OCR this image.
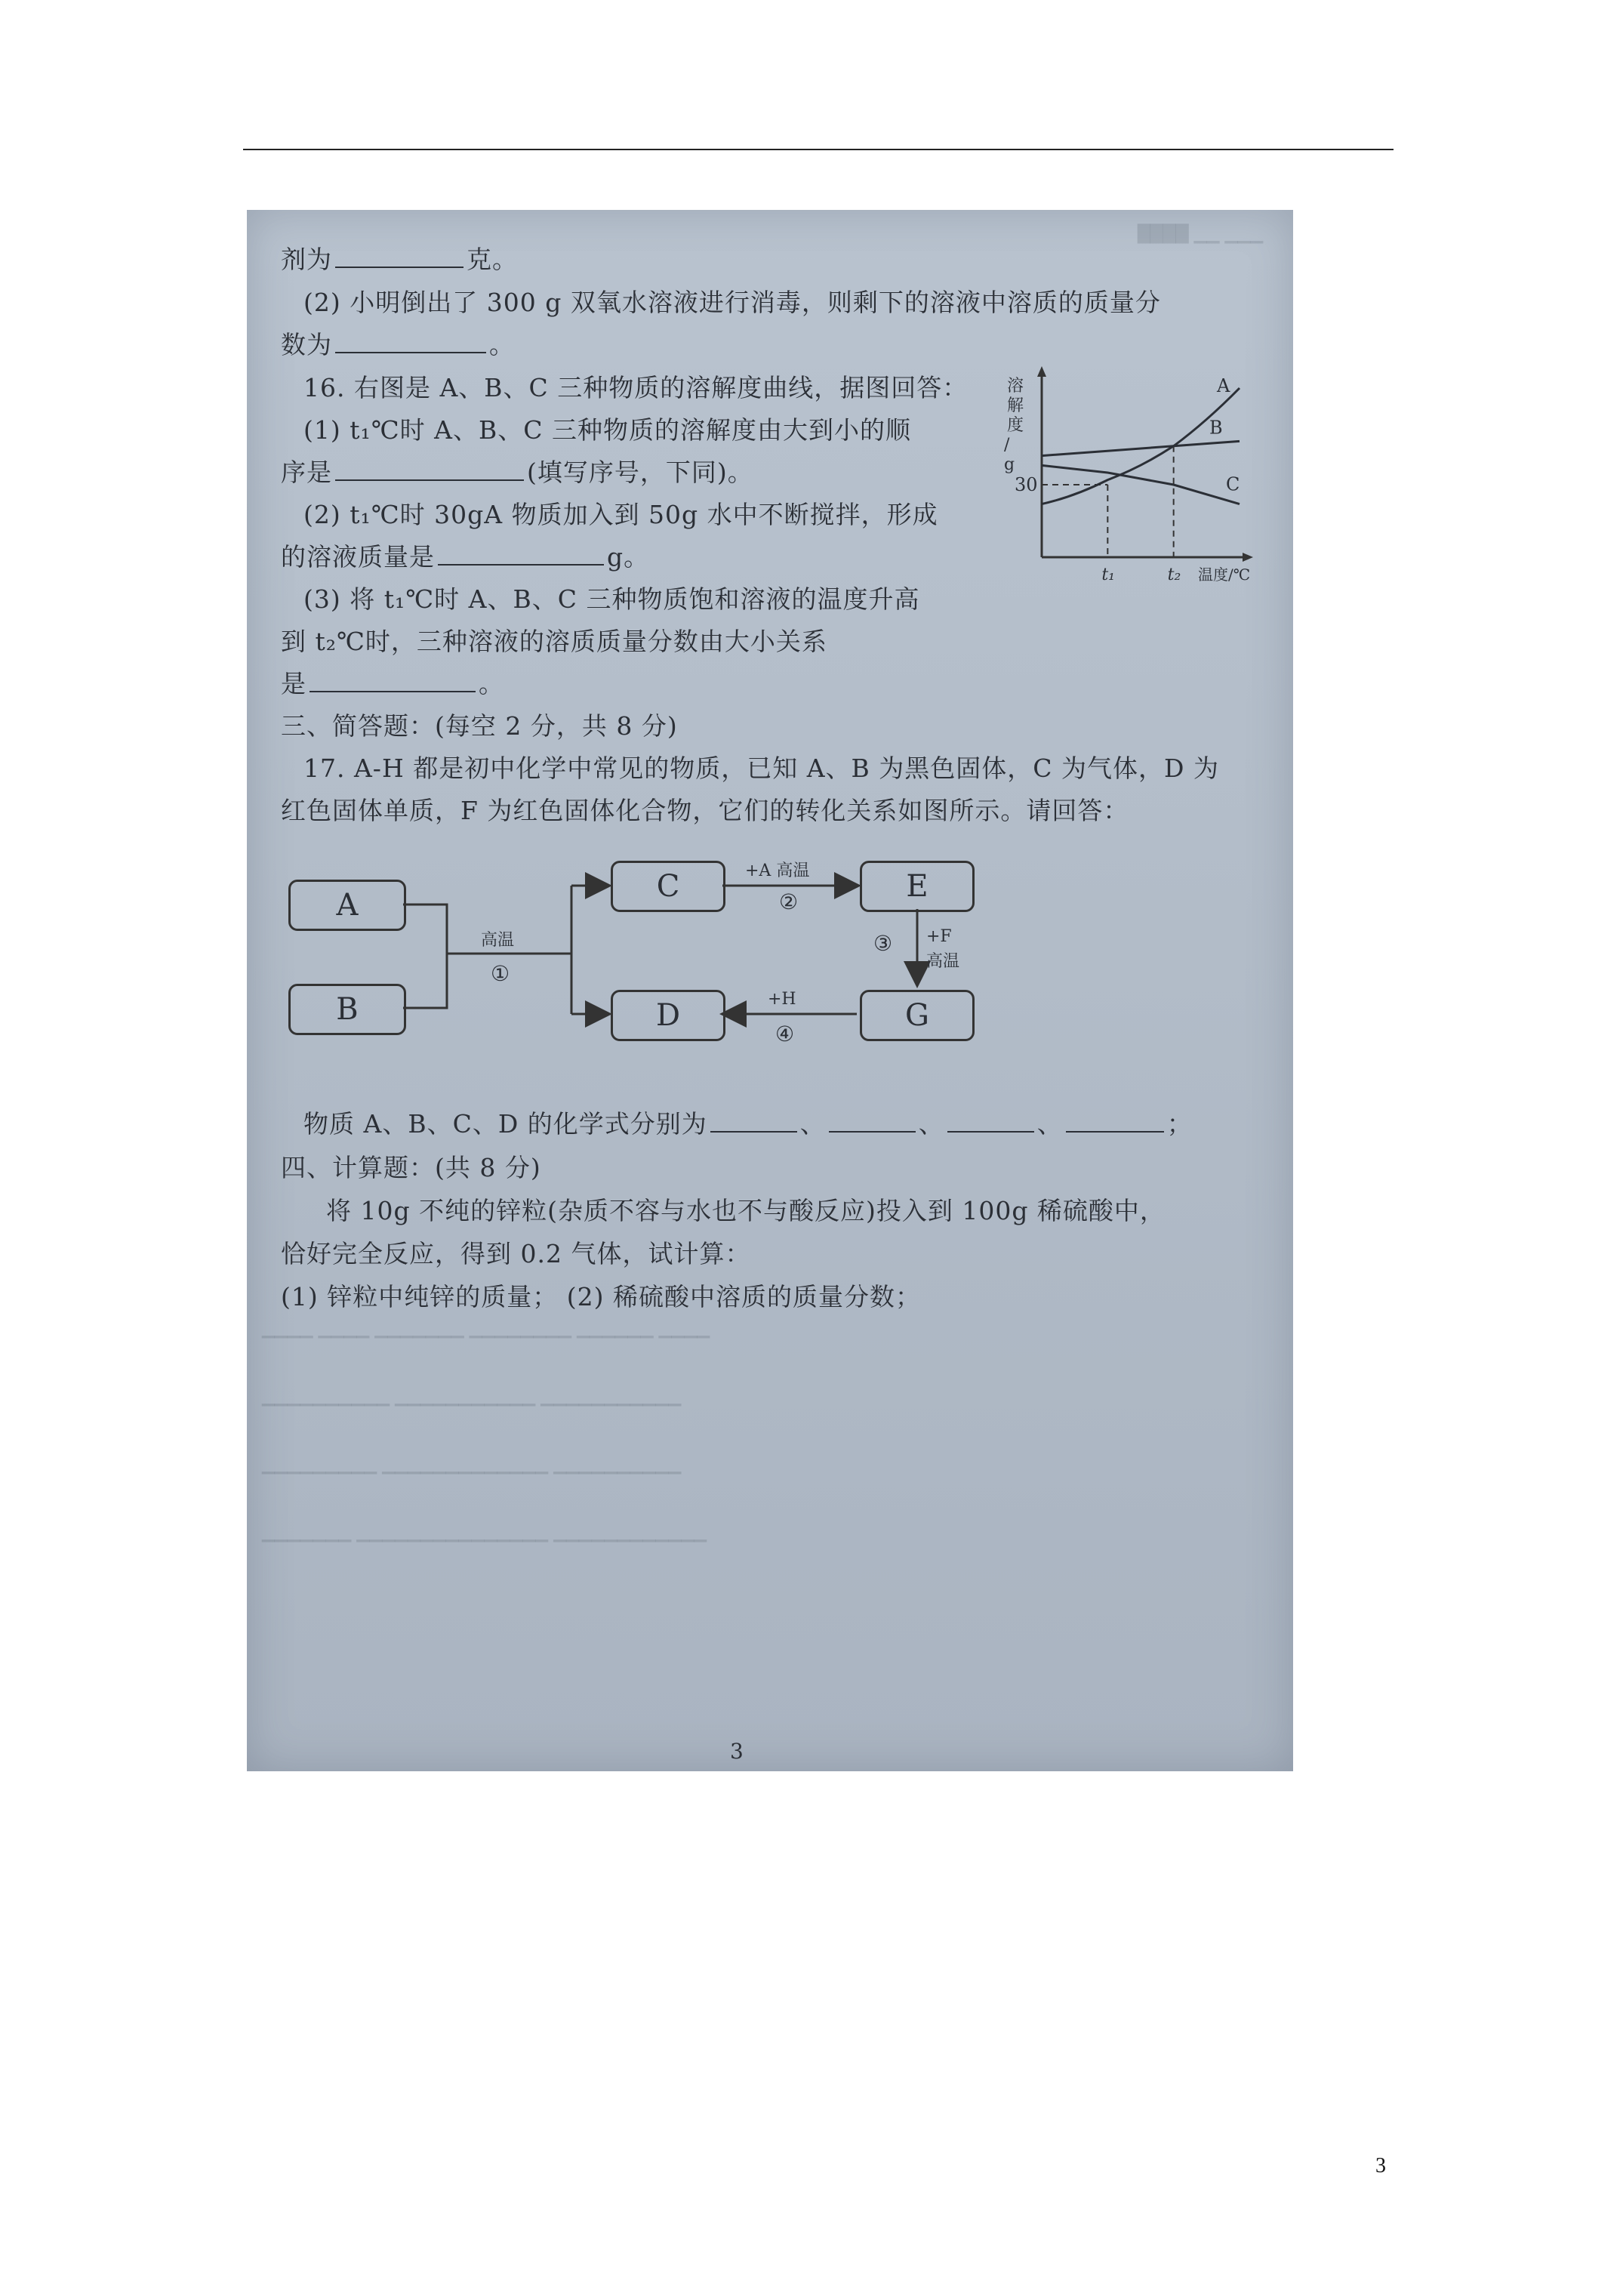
████ ▁▁ ▁▁▁
▁▁▁▁ ▁▁▁▁ ▁▁▁▁▁▁▁ ▁▁▁▁▁▁▁▁ ▁▁▁▁▁▁ ▁▁▁▁
▁▁▁▁▁▁▁▁▁▁ ▁▁▁▁▁▁▁▁▁▁▁ ▁▁▁▁▁▁▁▁▁▁▁
▁▁▁▁▁▁▁▁▁ ▁▁▁▁▁▁▁▁▁▁▁▁▁ ▁▁▁▁▁▁▁▁▁▁
▁▁▁▁▁▁▁ ▁▁▁▁▁▁▁▁▁▁▁▁▁▁▁ ▁▁▁▁▁▁▁▁▁▁▁▁
剂为	克。
(2) 小明倒出了 300 g 双氧水溶液进行消毒，则剩下的溶液中溶质的质量分
数为	。
16. 右图是 A、B、C 三种物质的溶解度曲线，据图回答：
(1) t₁℃时 A、B、C 三种物质的溶解度由大到小的顺
序是	(填写序号，下同)。
(2) t₁℃时 30gA 物质加入到 50g 水中不断搅拌，形成
的溶液质量是	g。
(3) 将 t₁℃时 A、B、C 三种物质饱和溶液的温度升高
到 t₂℃时，三种溶液的溶质质量分数由大小关系
是	。
溶
解
度
/
g
t₁	t₂
30
A
B
C
温度/℃
三、简答题：(每空 2 分，共 8 分)
17. A-H 都是初中化学中常见的物质，已知 A、B 为黑色固体，C 为气体，D 为
红色固体单质，F 为红色固体化合物，它们的转化关系如图所示。请回答：
A
B
C	E
D	G
高温
①
+A 高温
②
③ +F
高温
+H
④
物质 A、B、C、D 的化学式分别为	、	、	、	；
四、计算题：(共 8 分)
将 10g 不纯的锌粒(杂质不容与水也不与酸反应)投入到 100g 稀硫酸中，
恰好完全反应，得到 0.2 气体，试计算：
(1) 锌粒中纯锌的质量； (2) 稀硫酸中溶质的质量分数；
3
3
